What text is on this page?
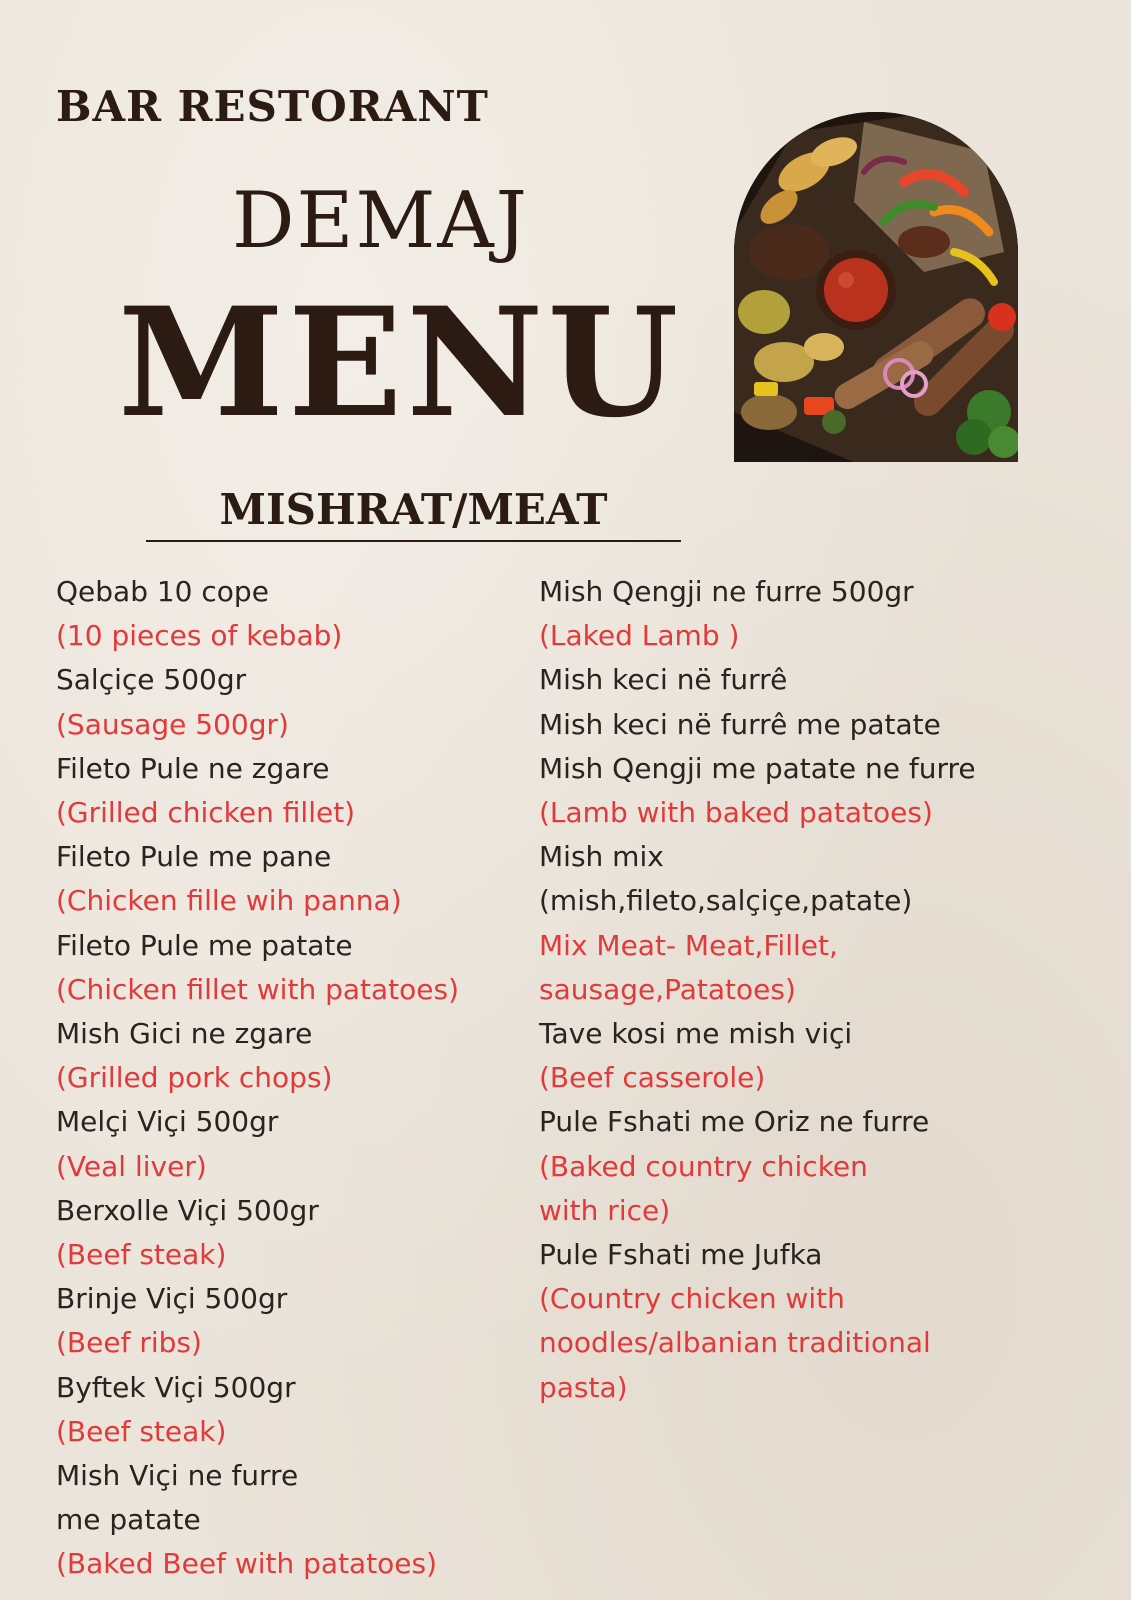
BAR RESTORANT
DEMAJ
MENU
MISHRAT/MEAT
Qebab 10 cope
(10 pieces of kebab)
Salçiçe 500gr
(Sausage 500gr)
Fileto Pule ne zgare
(Grilled chicken fillet)
Fileto Pule me pane
(Chicken fille wih panna)
Fileto Pule me patate
(Chicken fillet with patatoes)
Mish Gici ne zgare
(Grilled pork chops)
Melçi Viçi 500gr
(Veal liver)
Berxolle Viçi 500gr
(Beef steak)
Brinje Viçi 500gr
(Beef ribs)
Byftek Viçi 500gr
(Beef steak)
Mish Viçi ne furre
me patate
(Baked Beef with patatoes)
Mish Qengji ne furre 500gr
(Laked Lamb )
Mish keci në furrê
Mish keci në furrê me patate
Mish Qengji me patate ne furre
(Lamb with baked patatoes)
Mish mix
(mish,fileto,salçiçe,patate)
Mix Meat- Meat,Fillet,
sausage,Patatoes)
Tave kosi me mish viçi
(Beef casserole)
Pule Fshati me Oriz ne furre
(Baked country chicken
with rice)
Pule Fshati me Jufka
(Country chicken with
noodles/albanian traditional
pasta)
